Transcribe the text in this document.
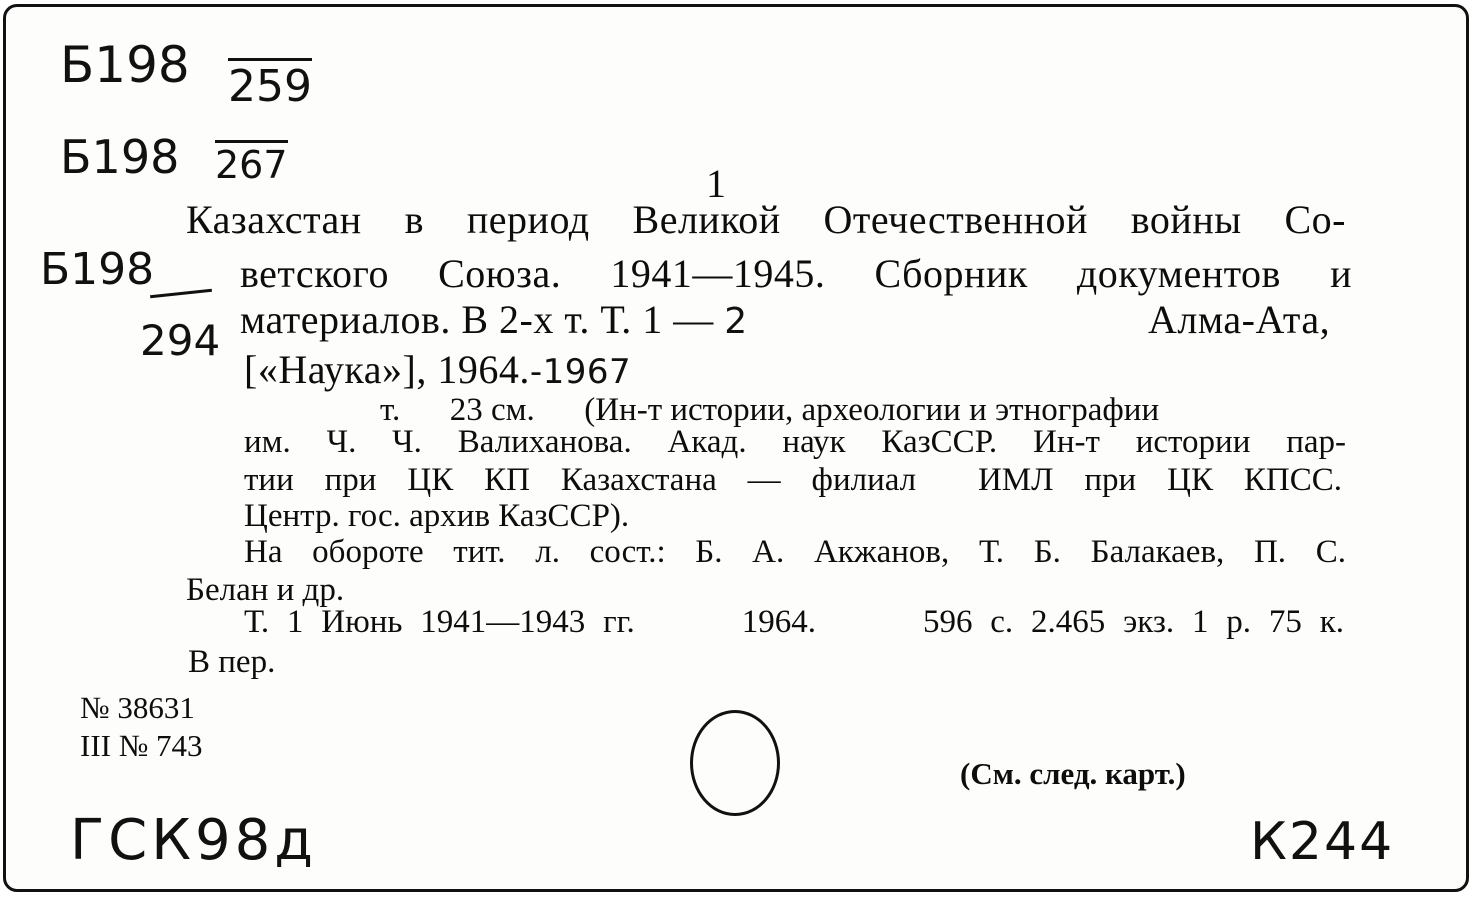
Б198 259
Б198 267
Б198
294
1
Казахстан в период Великой Отечественной войны Со-
ветского Союза. 1941—1945. Сборник документов и
материалов. В 2-х т. Т. 1 — 2	Алма-Ата,
[«Наука»], 1964.-1967
т.      23 см.      (Ин-т истории, археологии и этнографии
им. Ч. Ч. Валиханова. Акад. наук КазССР. Ин-т истории пар-
тии при ЦК КП Казахстана — филиал  ИМЛ при ЦК КПСС.
Центр. гос. архив КазССР).
На обороте тит. л. сост.: Б. А. Акжанов, Т. Б. Балакаев, П. С.
Белан и др.
Т. 1 Июнь 1941—1943 гг.      1964.      596 с. 2.465 экз. 1 р. 75 к.
В пер.
№ 38631
III № 743
(См. след. карт.)
ГСК98д	К244
